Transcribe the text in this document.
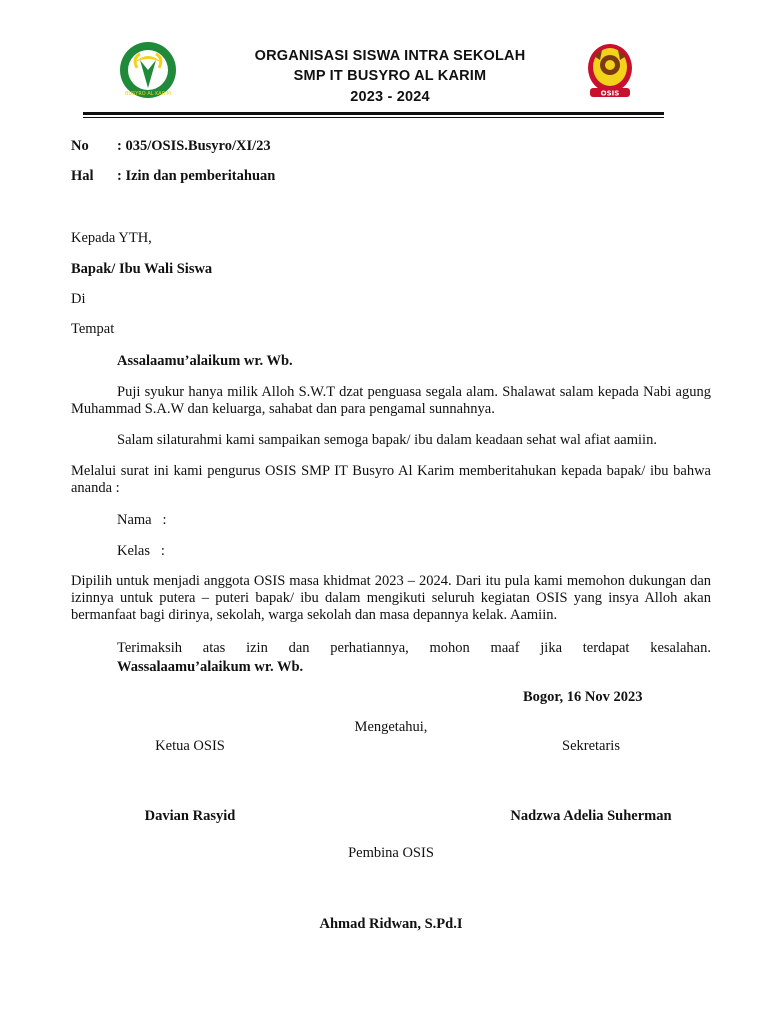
BUSYRO AL KARIM
ORGANISASI SISWA INTRA SEKOLAH
SMP IT BUSYRO AL KARIM
2023 - 2024	OSIS
No : 035/OSIS.Busyro/XI/23
Hal : Izin dan pemberitahuan
Kepada YTH,
Bapak/ Ibu Wali Siswa
Di
Tempat
Assalaamu’alaikum wr. Wb.
Puji syukur hanya milik Alloh S.W.T dzat penguasa segala alam. Shalawat salam kepada Nabi agung Muhammad S.A.W dan keluarga, sahabat dan para pengamal sunnahnya.
Salam silaturahmi kami sampaikan semoga bapak/ ibu dalam keadaan sehat wal afiat aamiin.
Melalui surat ini kami pengurus OSIS SMP IT Busyro Al Karim memberitahukan kepada bapak/ ibu bahwa ananda :
Nama   :
Kelas   :
Dipilih untuk menjadi anggota OSIS masa khidmat 2023 – 2024. Dari itu pula kami memohon dukungan dan izinnya untuk putera – puteri bapak/ ibu dalam mengikuti seluruh kegiatan OSIS yang insya Alloh akan bermanfaat bagi dirinya, sekolah, warga sekolah dan masa depannya kelak. Aamiin.
Terimaksih atas izin dan perhatiannya, mohon maaf jika terdapat kesalahan.
Wassalaamu’alaikum wr. Wb.
Bogor, 16 Nov 2023
Mengetahui,
Ketua OSIS	Sekretaris
Davian Rasyid	Nadzwa Adelia Suherman
Pembina OSIS
Ahmad Ridwan, S.Pd.I
